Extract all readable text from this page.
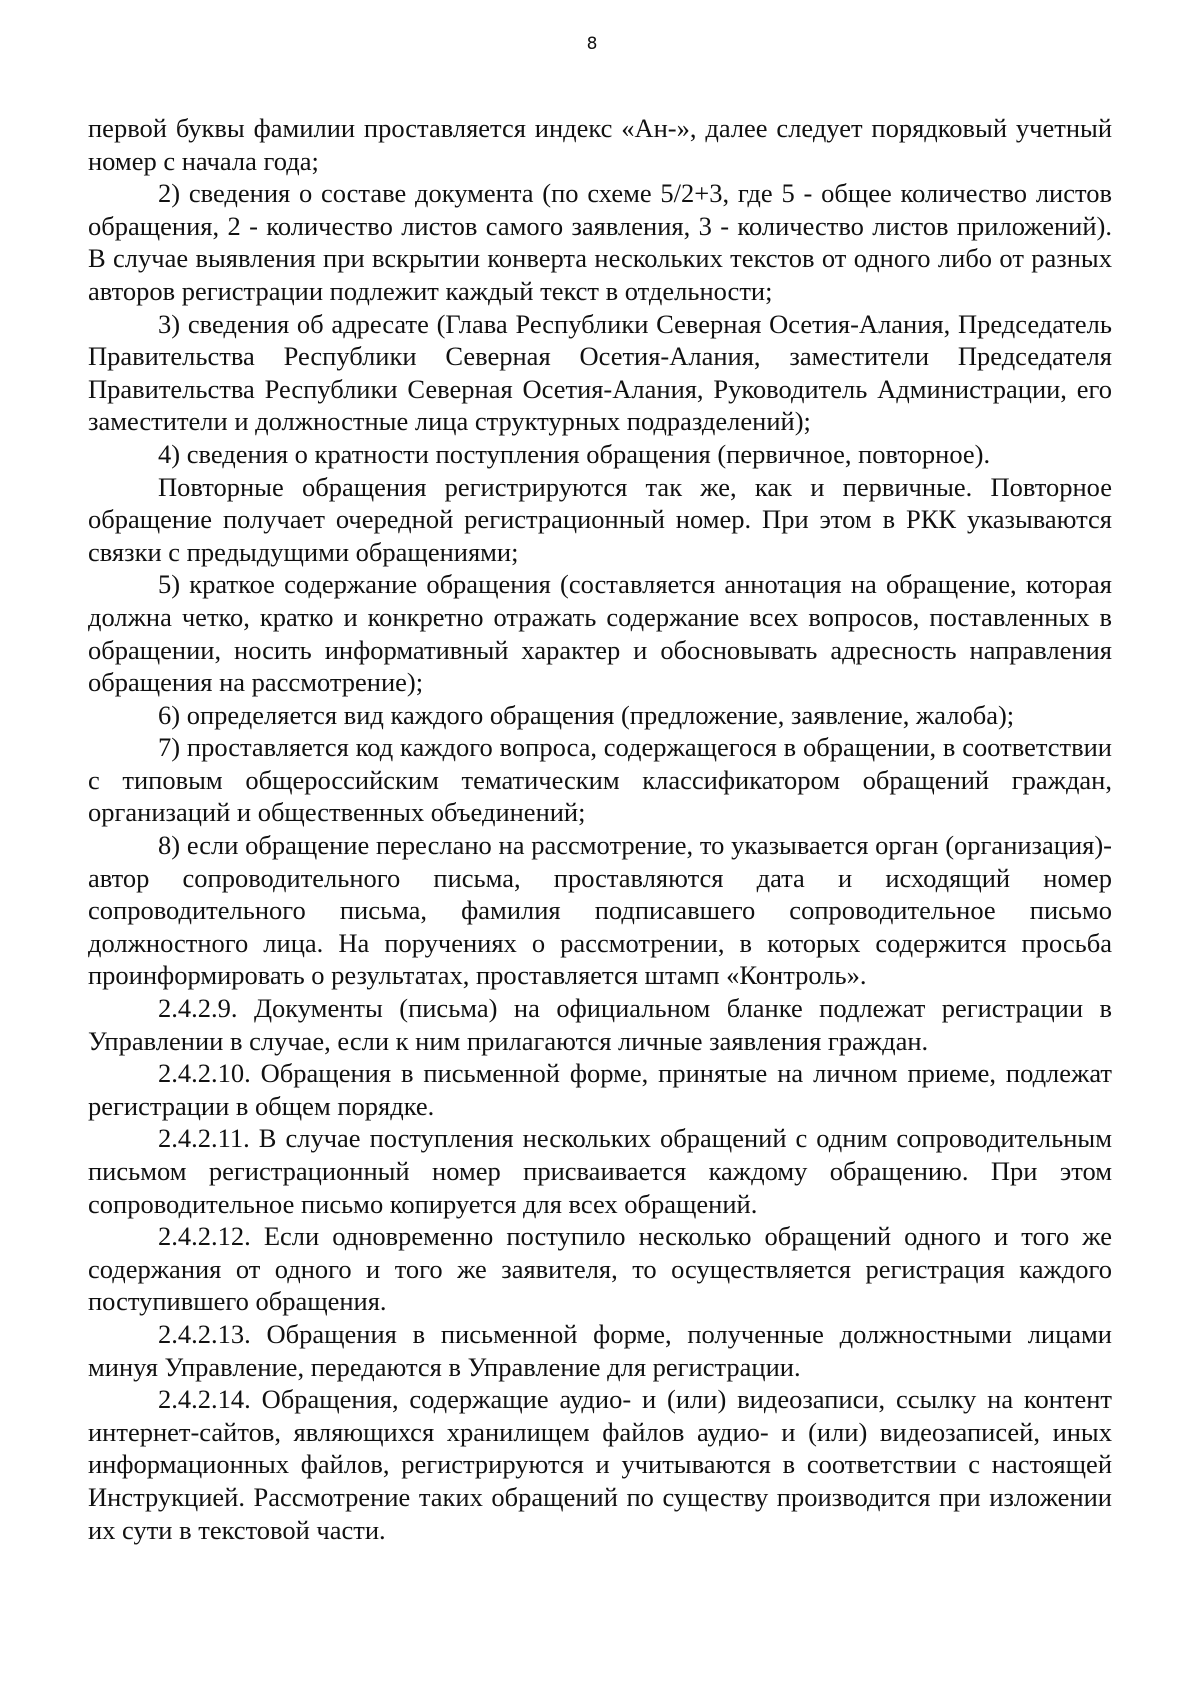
8

первой буквы фамилии проставляется индекс «Ан-», далее следует порядковый учетный номер с начала года;

2) сведения о составе документа (по схеме 5/2+3, где 5 - общее количество листов обращения, 2 - количество листов самого заявления, 3 - количество листов приложений). В случае выявления при вскрытии конверта нескольких текстов от одного либо от разных авторов регистрации подлежит каждый текст в отдельности;

3) сведения об адресате (Глава Республики Северная Осетия-Алания, Председатель Правительства Республики Северная Осетия-Алания, заместители Председателя Правительства Республики Северная Осетия-Алания, Руководитель Администрации, его заместители и должностные лица структурных подразделений);

4) сведения о кратности поступления обращения (первичное, повторное).

Повторные обращения регистрируются так же, как и первичные. Повторное обращение получает очередной регистрационный номер. При этом в РКК указываются связки с предыдущими обращениями;

5) краткое содержание обращения (составляется аннотация на обращение, которая должна четко, кратко и конкретно отражать содержание всех вопросов, поставленных в обращении, носить информативный характер и обосновывать адресность направления обращения на рассмотрение);

6) определяется вид каждого обращения (предложение, заявление, жалоба);

7) проставляется код каждого вопроса, содержащегося в обращении, в соответствии с типовым общероссийским тематическим классификатором обращений граждан, организаций и общественных объединений;

8) если обращение переслано на рассмотрение, то указывается орган (организация)-автор сопроводительного письма, проставляются дата и исходящий номер сопроводительного письма, фамилия подписавшего сопроводительное письмо должностного лица. На поручениях о рассмотрении, в которых содержится просьба проинформировать о результатах, проставляется штамп «Контроль».

2.4.2.9. Документы (письма) на официальном бланке подлежат регистрации в Управлении в случае, если к ним прилагаются личные заявления граждан.

2.4.2.10. Обращения в письменной форме, принятые на личном приеме, подлежат регистрации в общем порядке.

2.4.2.11. В случае поступления нескольких обращений с одним сопроводительным письмом регистрационный номер присваивается каждому обращению. При этом сопроводительное письмо копируется для всех обращений.

2.4.2.12. Если одновременно поступило несколько обращений одного и того же содержания от одного и того же заявителя, то осуществляется регистрация каждого поступившего обращения.

2.4.2.13. Обращения в письменной форме, полученные должностными лицами минуя Управление, передаются в Управление для регистрации.

2.4.2.14. Обращения, содержащие аудио- и (или) видеозаписи, ссылку на контент интернет-сайтов, являющихся хранилищем файлов аудио- и (или) видеозаписей, иных информационных файлов, регистрируются и учитываются в соответствии с настоящей Инструкцией. Рассмотрение таких обращений по существу производится при изложении их сути в текстовой части.
